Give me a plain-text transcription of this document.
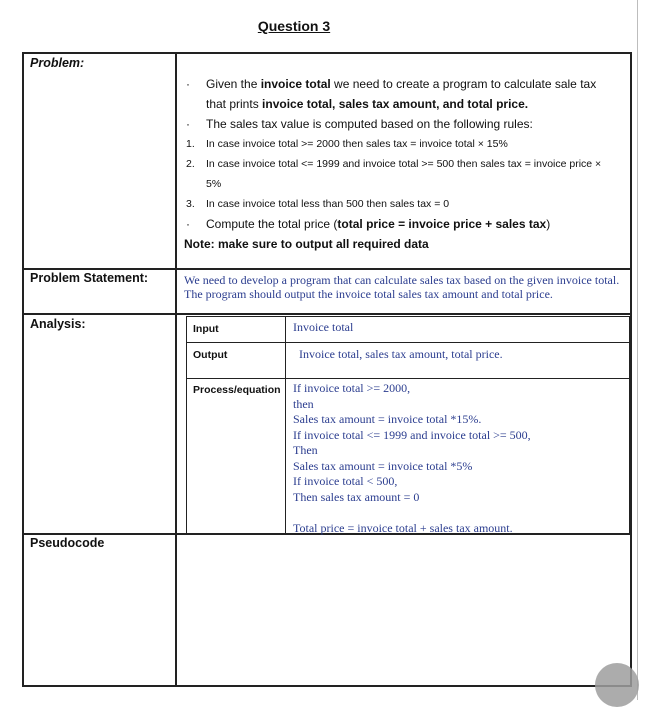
Question 3
Problem:
Problem Statement:
Analysis:
Pseudocode
· Given the invoice total we need to create a program to calculate sale tax
that prints invoice total, sales tax amount, and total price.
· The sales tax value is computed based on the following rules:
1. In case invoice total >= 2000 then sales tax = invoice total × 15%
2. In case invoice total <= 1999 and invoice total >= 500 then sales tax = invoice price ×
5%
3. In case invoice total less than 500 then sales tax = 0
· Compute the total price (total price = invoice price + sales tax)
Note: make sure to output all required data
We need to develop a program that can calculate sales tax based on the given invoice total. The program should output the invoice total sales tax amount and total price.
Input	Invoice total
Output	Invoice total, sales tax amount, total price.
Process/equation If invoice total >= 2000,
then
Sales tax amount = invoice total *15%.
If invoice total <= 1999 and invoice total >= 500,
Then
Sales tax amount = invoice total *5%
If invoice total < 500,
Then sales tax amount = 0
Total price = invoice total + sales tax amount.
